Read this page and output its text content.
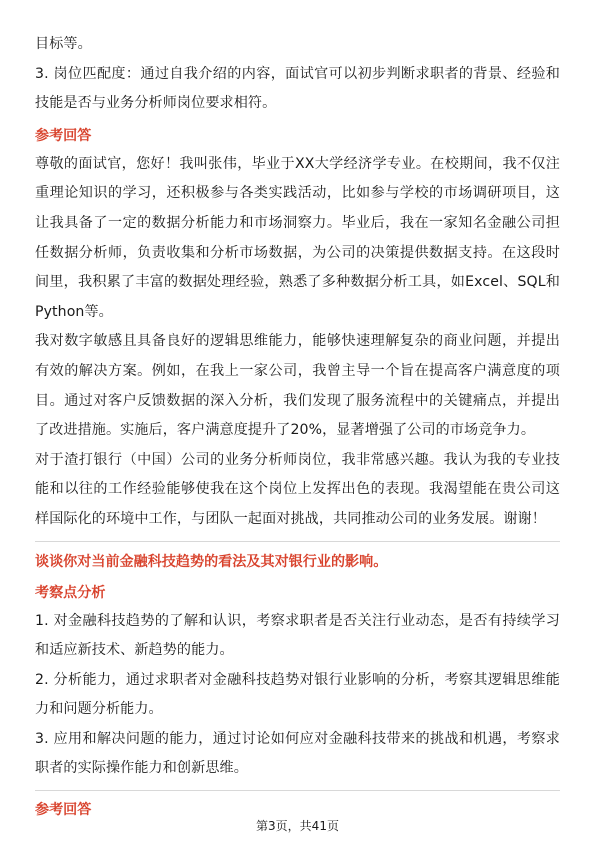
目标等。

3. 岗位匹配度：通过自我介绍的内容，面试官可以初步判断求职者的背景、经验和技能是否与业务分析师岗位要求相符。

参考回答

尊敬的面试官，您好！我叫张伟，毕业于XX大学经济学专业。在校期间，我不仅注重理论知识的学习，还积极参与各类实践活动，比如参与学校的市场调研项目，这让我具备了一定的数据分析能力和市场洞察力。毕业后，我在一家知名金融公司担任数据分析师，负责收集和分析市场数据，为公司的决策提供数据支持。在这段时间里，我积累了丰富的数据处理经验，熟悉了多种数据分析工具，如Excel、SQL和Python等。

我对数字敏感且具备良好的逻辑思维能力，能够快速理解复杂的商业问题，并提出有效的解决方案。例如，在我上一家公司，我曾主导一个旨在提高客户满意度的项目。通过对客户反馈数据的深入分析，我们发现了服务流程中的关键痛点，并提出了改进措施。实施后，客户满意度提升了20%，显著增强了公司的市场竞争力。

对于渣打银行（中国）公司的业务分析师岗位，我非常感兴趣。我认为我的专业技能和以往的工作经验能够使我在这个岗位上发挥出色的表现。我渴望能在贵公司这样国际化的环境中工作，与团队一起面对挑战，共同推动公司的业务发展。谢谢！

谈谈你对当前金融科技趋势的看法及其对银行业的影响。

考察点分析

1. 对金融科技趋势的了解和认识，考察求职者是否关注行业动态，是否有持续学习和适应新技术、新趋势的能力。

2. 分析能力，通过求职者对金融科技趋势对银行业影响的分析，考察其逻辑思维能力和问题分析能力。

3. 应用和解决问题的能力，通过讨论如何应对金融科技带来的挑战和机遇，考察求职者的实际操作能力和创新思维。

参考回答

第3页，共41页
